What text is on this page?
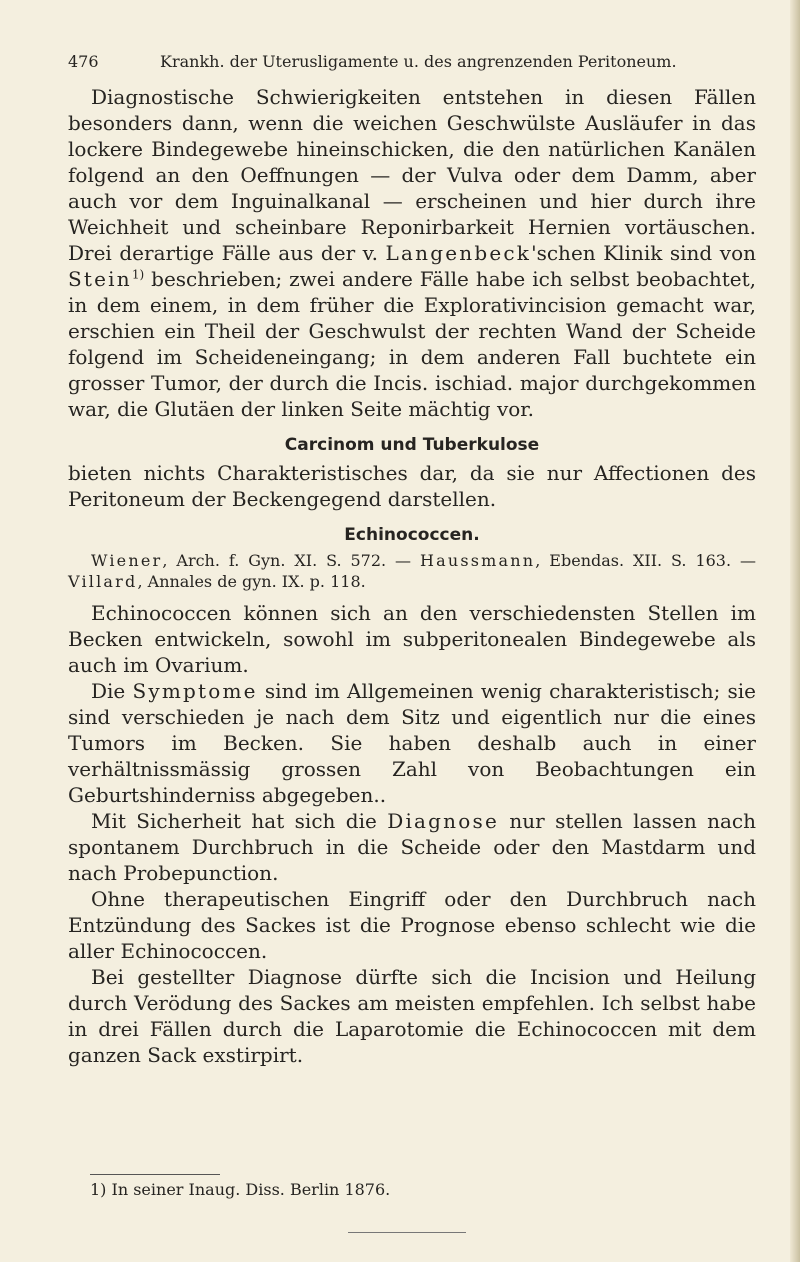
476	Krankh. der Uterusligamente u. des angrenzenden Peritoneum.

Diagnostische Schwierigkeiten entstehen in diesen Fällen besonders dann, wenn die weichen Geschwülste Ausläufer in das lockere Bindegewebe hineinschicken, die den natürlichen Kanälen folgend an den Oeffnungen — der Vulva oder dem Damm, aber auch vor dem Inguinalkanal — erscheinen und hier durch ihre Weichheit und scheinbare Reponirbarkeit Hernien vortäuschen. Drei derartige Fälle aus der v. Langenbeck'schen Klinik sind von Stein$^{1)}$ beschrieben; zwei andere Fälle habe ich selbst beobachtet, in dem einem, in dem früher die Explorativincision gemacht war, erschien ein Theil der Geschwulst der rechten Wand der Scheide folgend im Scheideneingang; in dem anderen Fall buchtete ein grosser Tumor, der durch die Incis. ischiad. major durchgekommen war, die Glutäen der linken Seite mächtig vor.

Carcinom und Tuberkulose

bieten nichts Charakteristisches dar, da sie nur Affectionen des Peritoneum der Beckengegend darstellen.

Echinococcen.

Wiener, Arch. f. Gyn. XI. S. 572. — Haussmann, Ebendas. XII. S. 163. — Villard, Annales de gyn. IX. p. 118.

Echinococcen können sich an den verschiedensten Stellen im Becken entwickeln, sowohl im subperitonealen Bindegewebe als auch im Ovarium.

Die Symptome sind im Allgemeinen wenig charakteristisch; sie sind verschieden je nach dem Sitz und eigentlich nur die eines Tumors im Becken. Sie haben deshalb auch in einer verhältnissmässig grossen Zahl von Beobachtungen ein Geburtshinderniss abgegeben..

Mit Sicherheit hat sich die Diagnose nur stellen lassen nach spontanem Durchbruch in die Scheide oder den Mastdarm und nach Probepunction.

Ohne therapeutischen Eingriff oder den Durchbruch nach Entzündung des Sackes ist die Prognose ebenso schlecht wie die aller Echinococcen.

Bei gestellter Diagnose dürfte sich die Incision und Heilung durch Verödung des Sackes am meisten empfehlen. Ich selbst habe in drei Fällen durch die Laparotomie die Echinococcen mit dem ganzen Sack exstirpirt.

1) In seiner Inaug. Diss. Berlin 1876.
